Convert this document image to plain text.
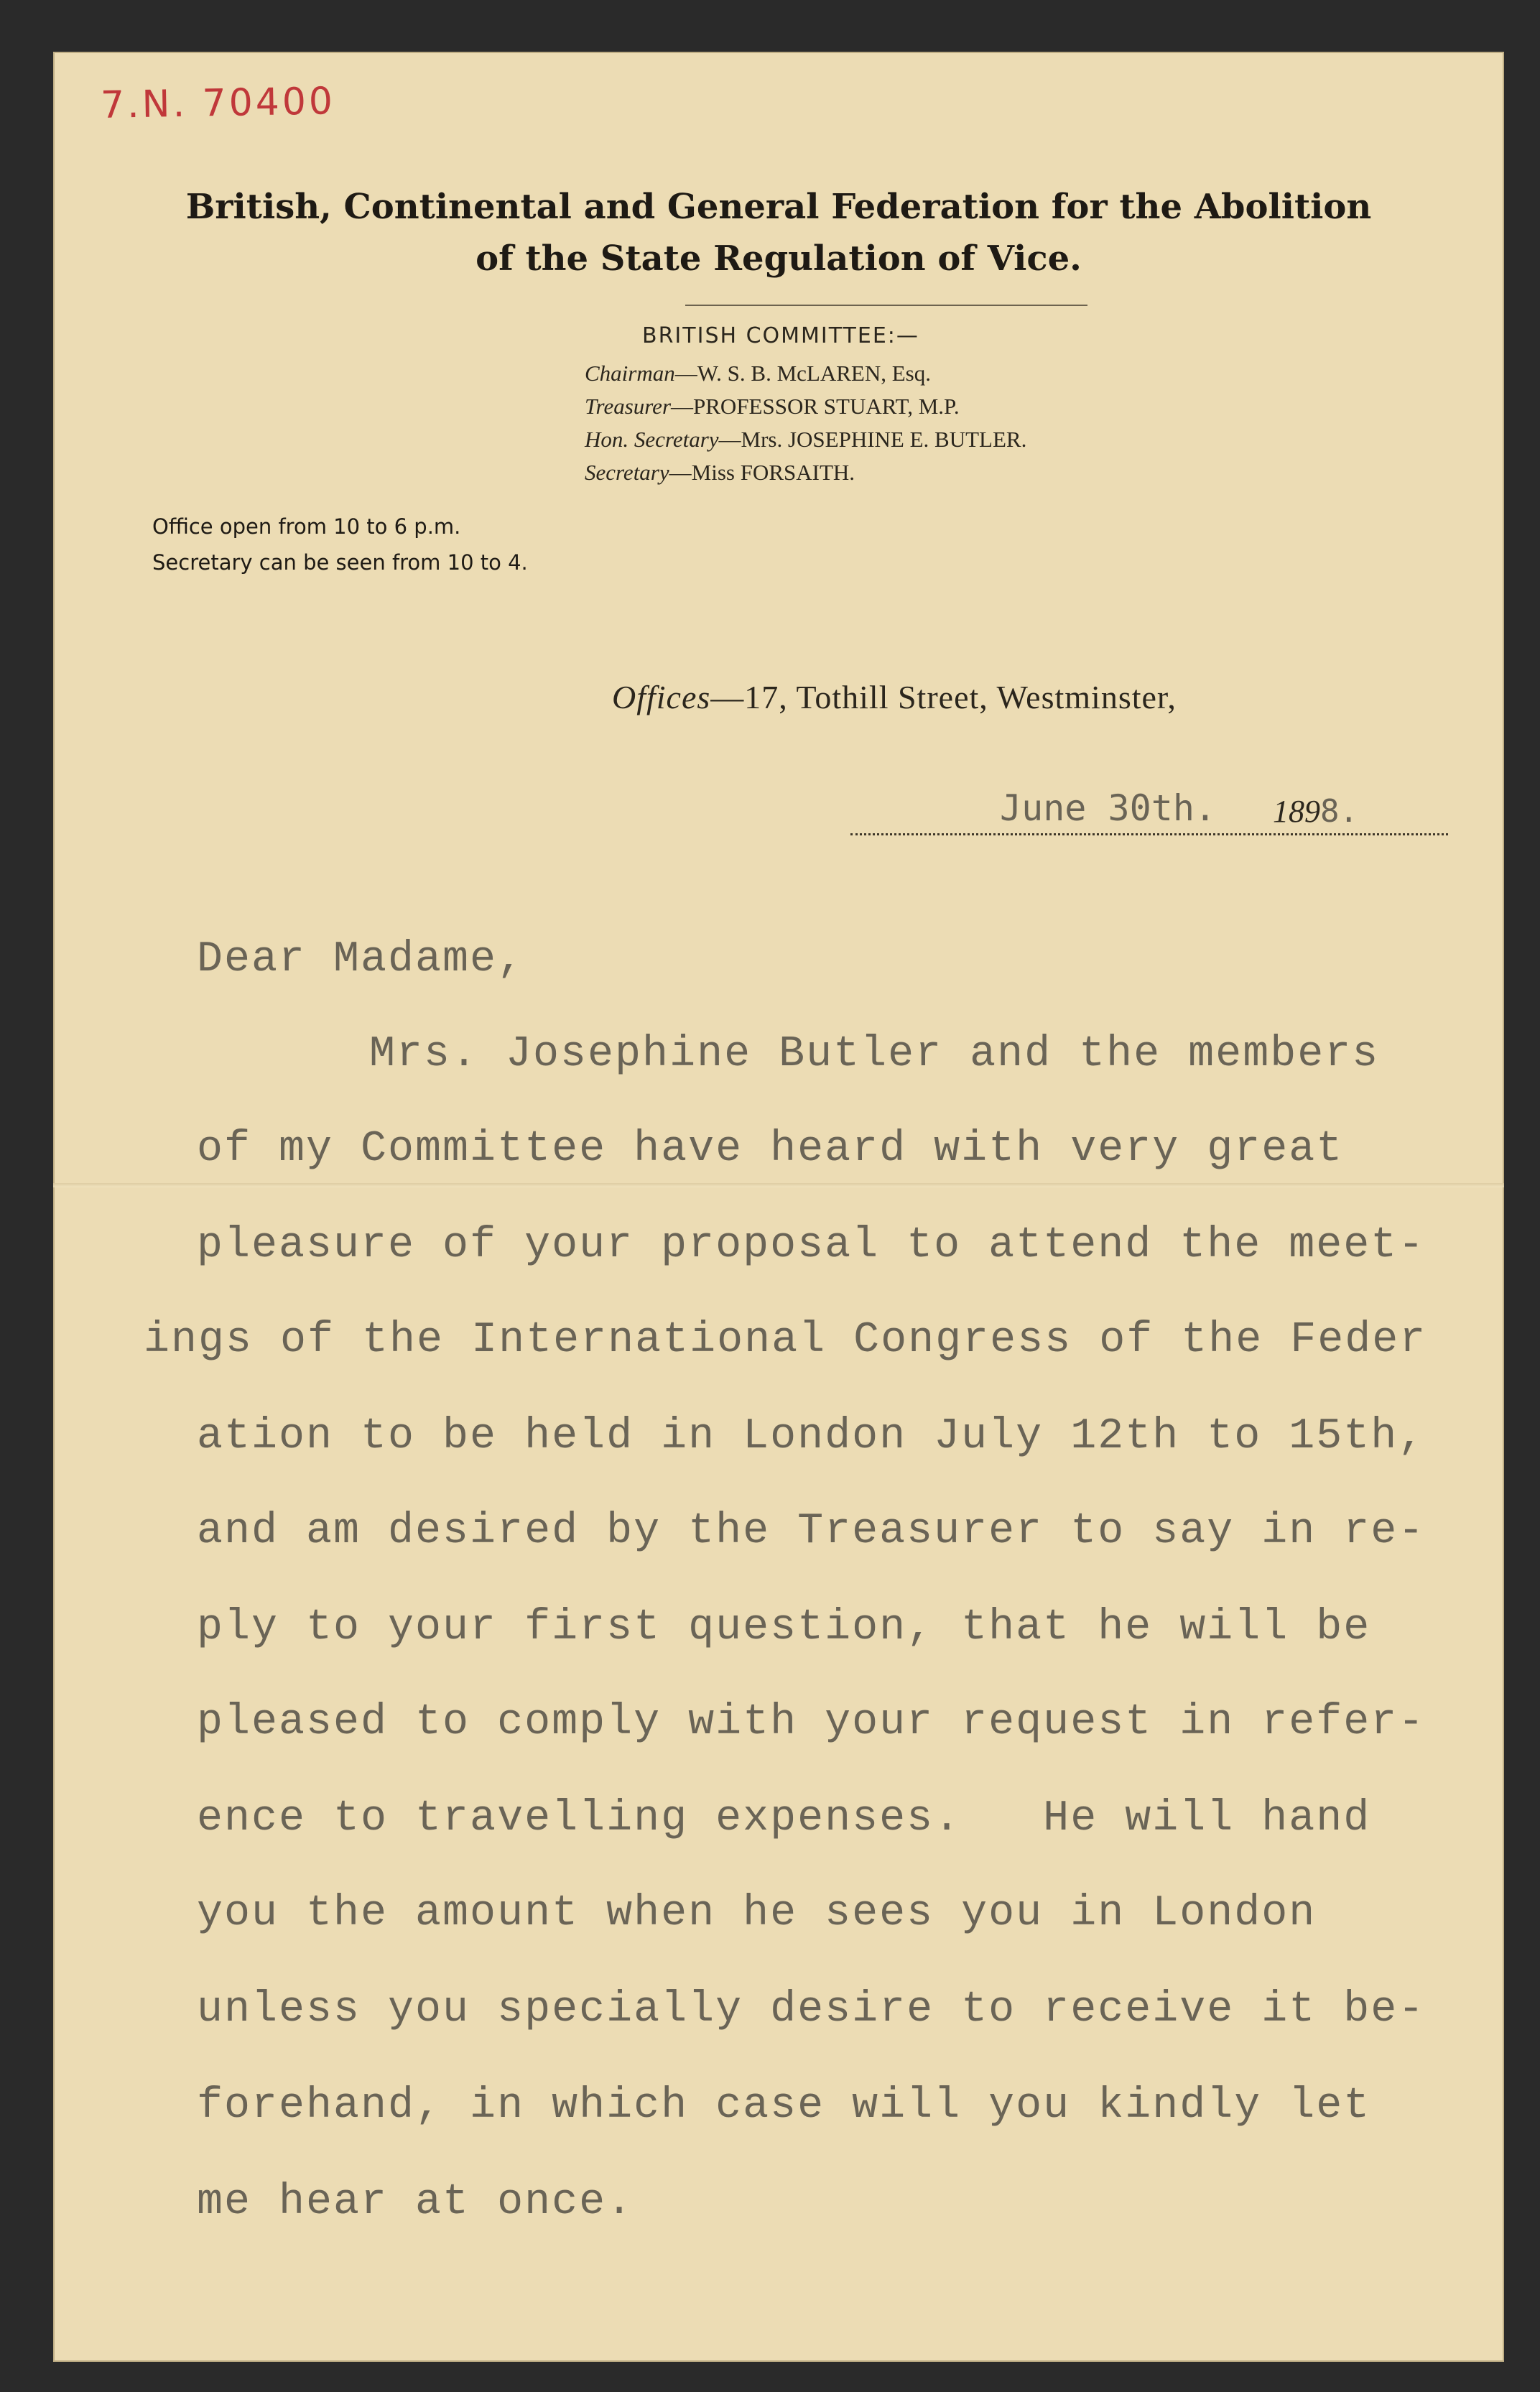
7.N. 70400
British, Continental and General Federation for the Abolition
of the State Regulation of Vice.
BRITISH COMMITTEE:—
Chairman—W. S. B. McLAREN, Esq.
Treasurer—PROFESSOR STUART, M.P.
Hon. Secretary—Mrs. JOSEPHINE E. BUTLER.
Secretary—Miss FORSAITH.
Office open from 10 to 6 p.m.
Secretary can be seen from 10 to 4.
Offices—17, Tothill Street, Westminster,
June 30th. 1898.
Dear Madame,
Mrs. Josephine Butler and the members
of my Committee have heard with very great
pleasure of your proposal to attend the meet-
ings of the International Congress of the Feder
ation to be held in London July 12th to 15th,
and am desired by the Treasurer to say in re-
ply to your first question, that he will be
pleased to comply with your request in refer-
ence to travelling expenses.   He will hand
you the amount when he sees you in London
unless you specially desire to receive it be-
forehand, in which case will you kindly let
me hear at once.
